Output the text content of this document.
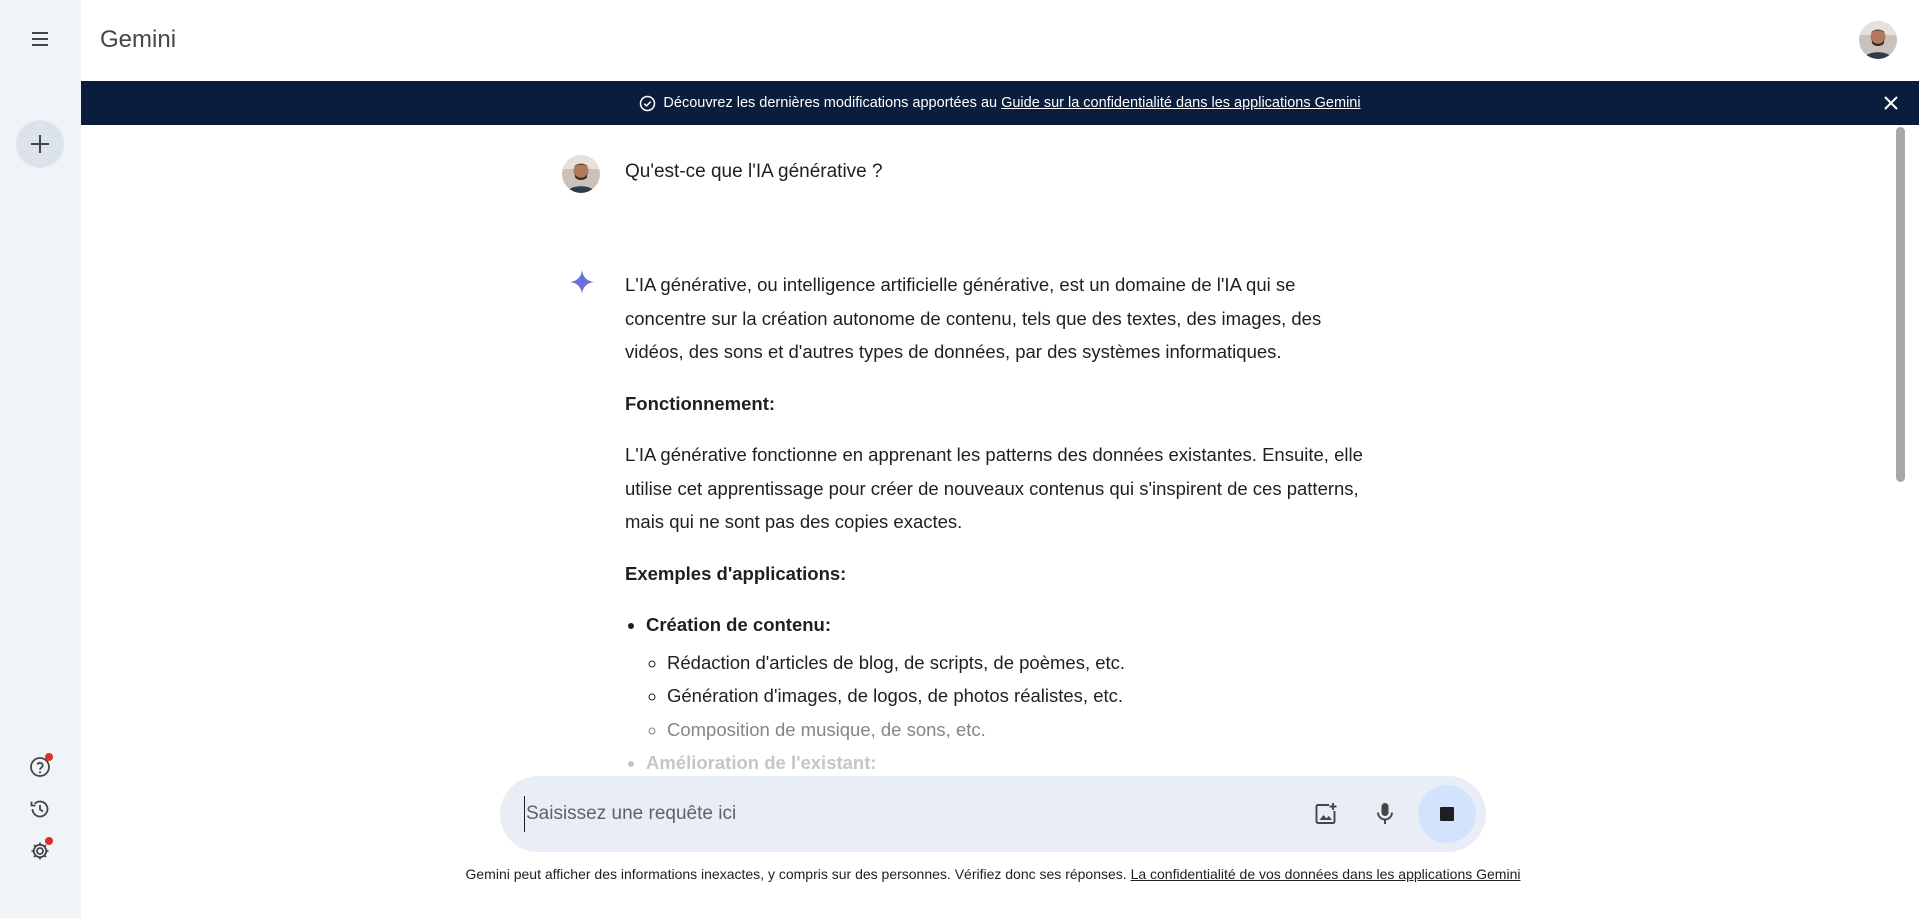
Gemini
Découvrez les dernières modifications apportées au Guide sur la confidentialité dans les applications Gemini
Qu'est-ce que l'IA générative ?

L'IA générative, ou intelligence artificielle générative, est un domaine de l'IA qui se concentre sur la création autonome de contenu, tels que des textes, des images, des vidéos, des sons et d'autres types de données, par des systèmes informatiques.

Fonctionnement:

L'IA générative fonctionne en apprenant les patterns des données existantes. Ensuite, elle utilise cet apprentissage pour créer de nouveaux contenus qui s'inspirent de ces patterns, mais qui ne sont pas des copies exactes.

Exemples d'applications:
• Création de contenu:
◦ Rédaction d'articles de blog, de scripts, de poèmes, etc.
◦ Génération d'images, de logos, de photos réalistes, etc.
◦ Composition de musique, de sons, etc.
• Amélioration de l'existant:
Saisissez une requête ici
Gemini peut afficher des informations inexactes, y compris sur des personnes. Vérifiez donc ses réponses. La confidentialité de vos données dans les applications Gemini
